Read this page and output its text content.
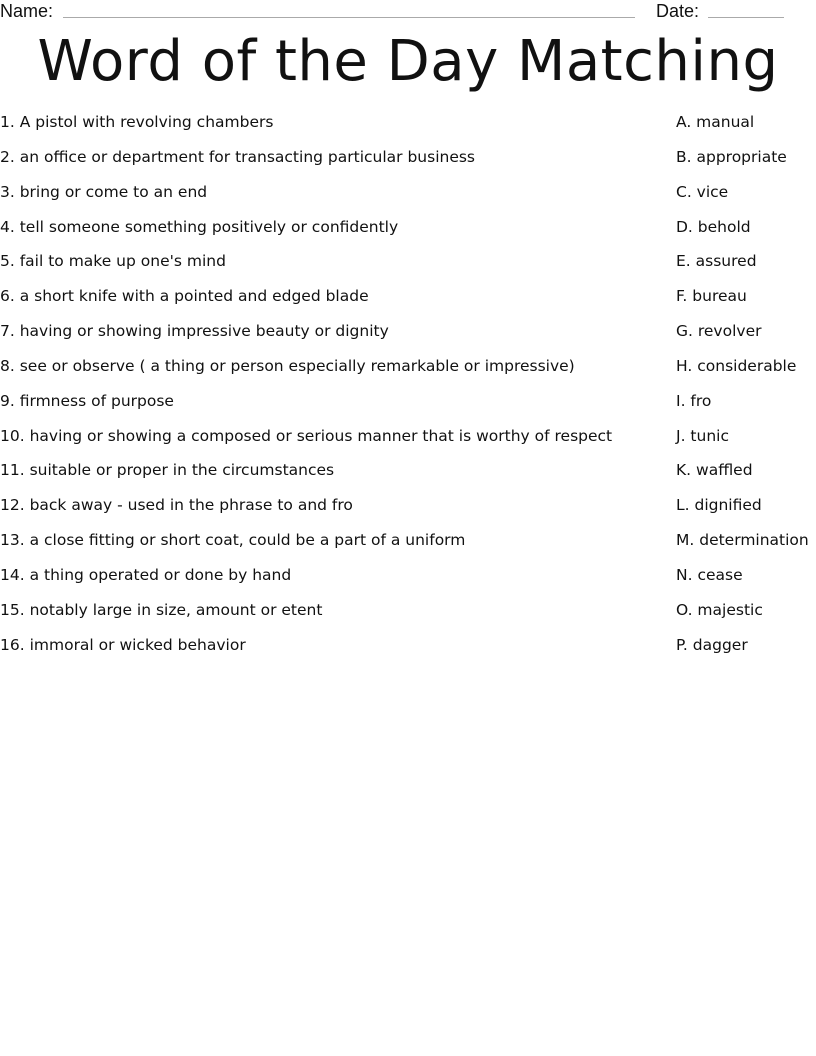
Name:	Date:
Word of the Day Matching
1. A pistol with revolving chambers
2. an office or department for transacting particular business
3. bring or come to an end
4. tell someone something positively or confidently
5. fail to make up one's mind
6. a short knife with a pointed and edged blade
7. having or showing impressive beauty or dignity
8. see or observe ( a thing or person especially remarkable or impressive)
9. firmness of purpose
10. having or showing a composed or serious manner that is worthy of respect
11. suitable or proper in the circumstances
12. back away - used in the phrase to and fro
13. a close fitting or short coat, could be a part of a uniform
14. a thing operated or done by hand
15. notably large in size, amount or etent
16. immoral or wicked behavior
A. manual
B. appropriate
C. vice
D. behold
E. assured
F. bureau
G. revolver
H. considerable
I. fro
J. tunic
K. waffled
L. dignified
M. determination
N. cease
O. majestic
P. dagger
